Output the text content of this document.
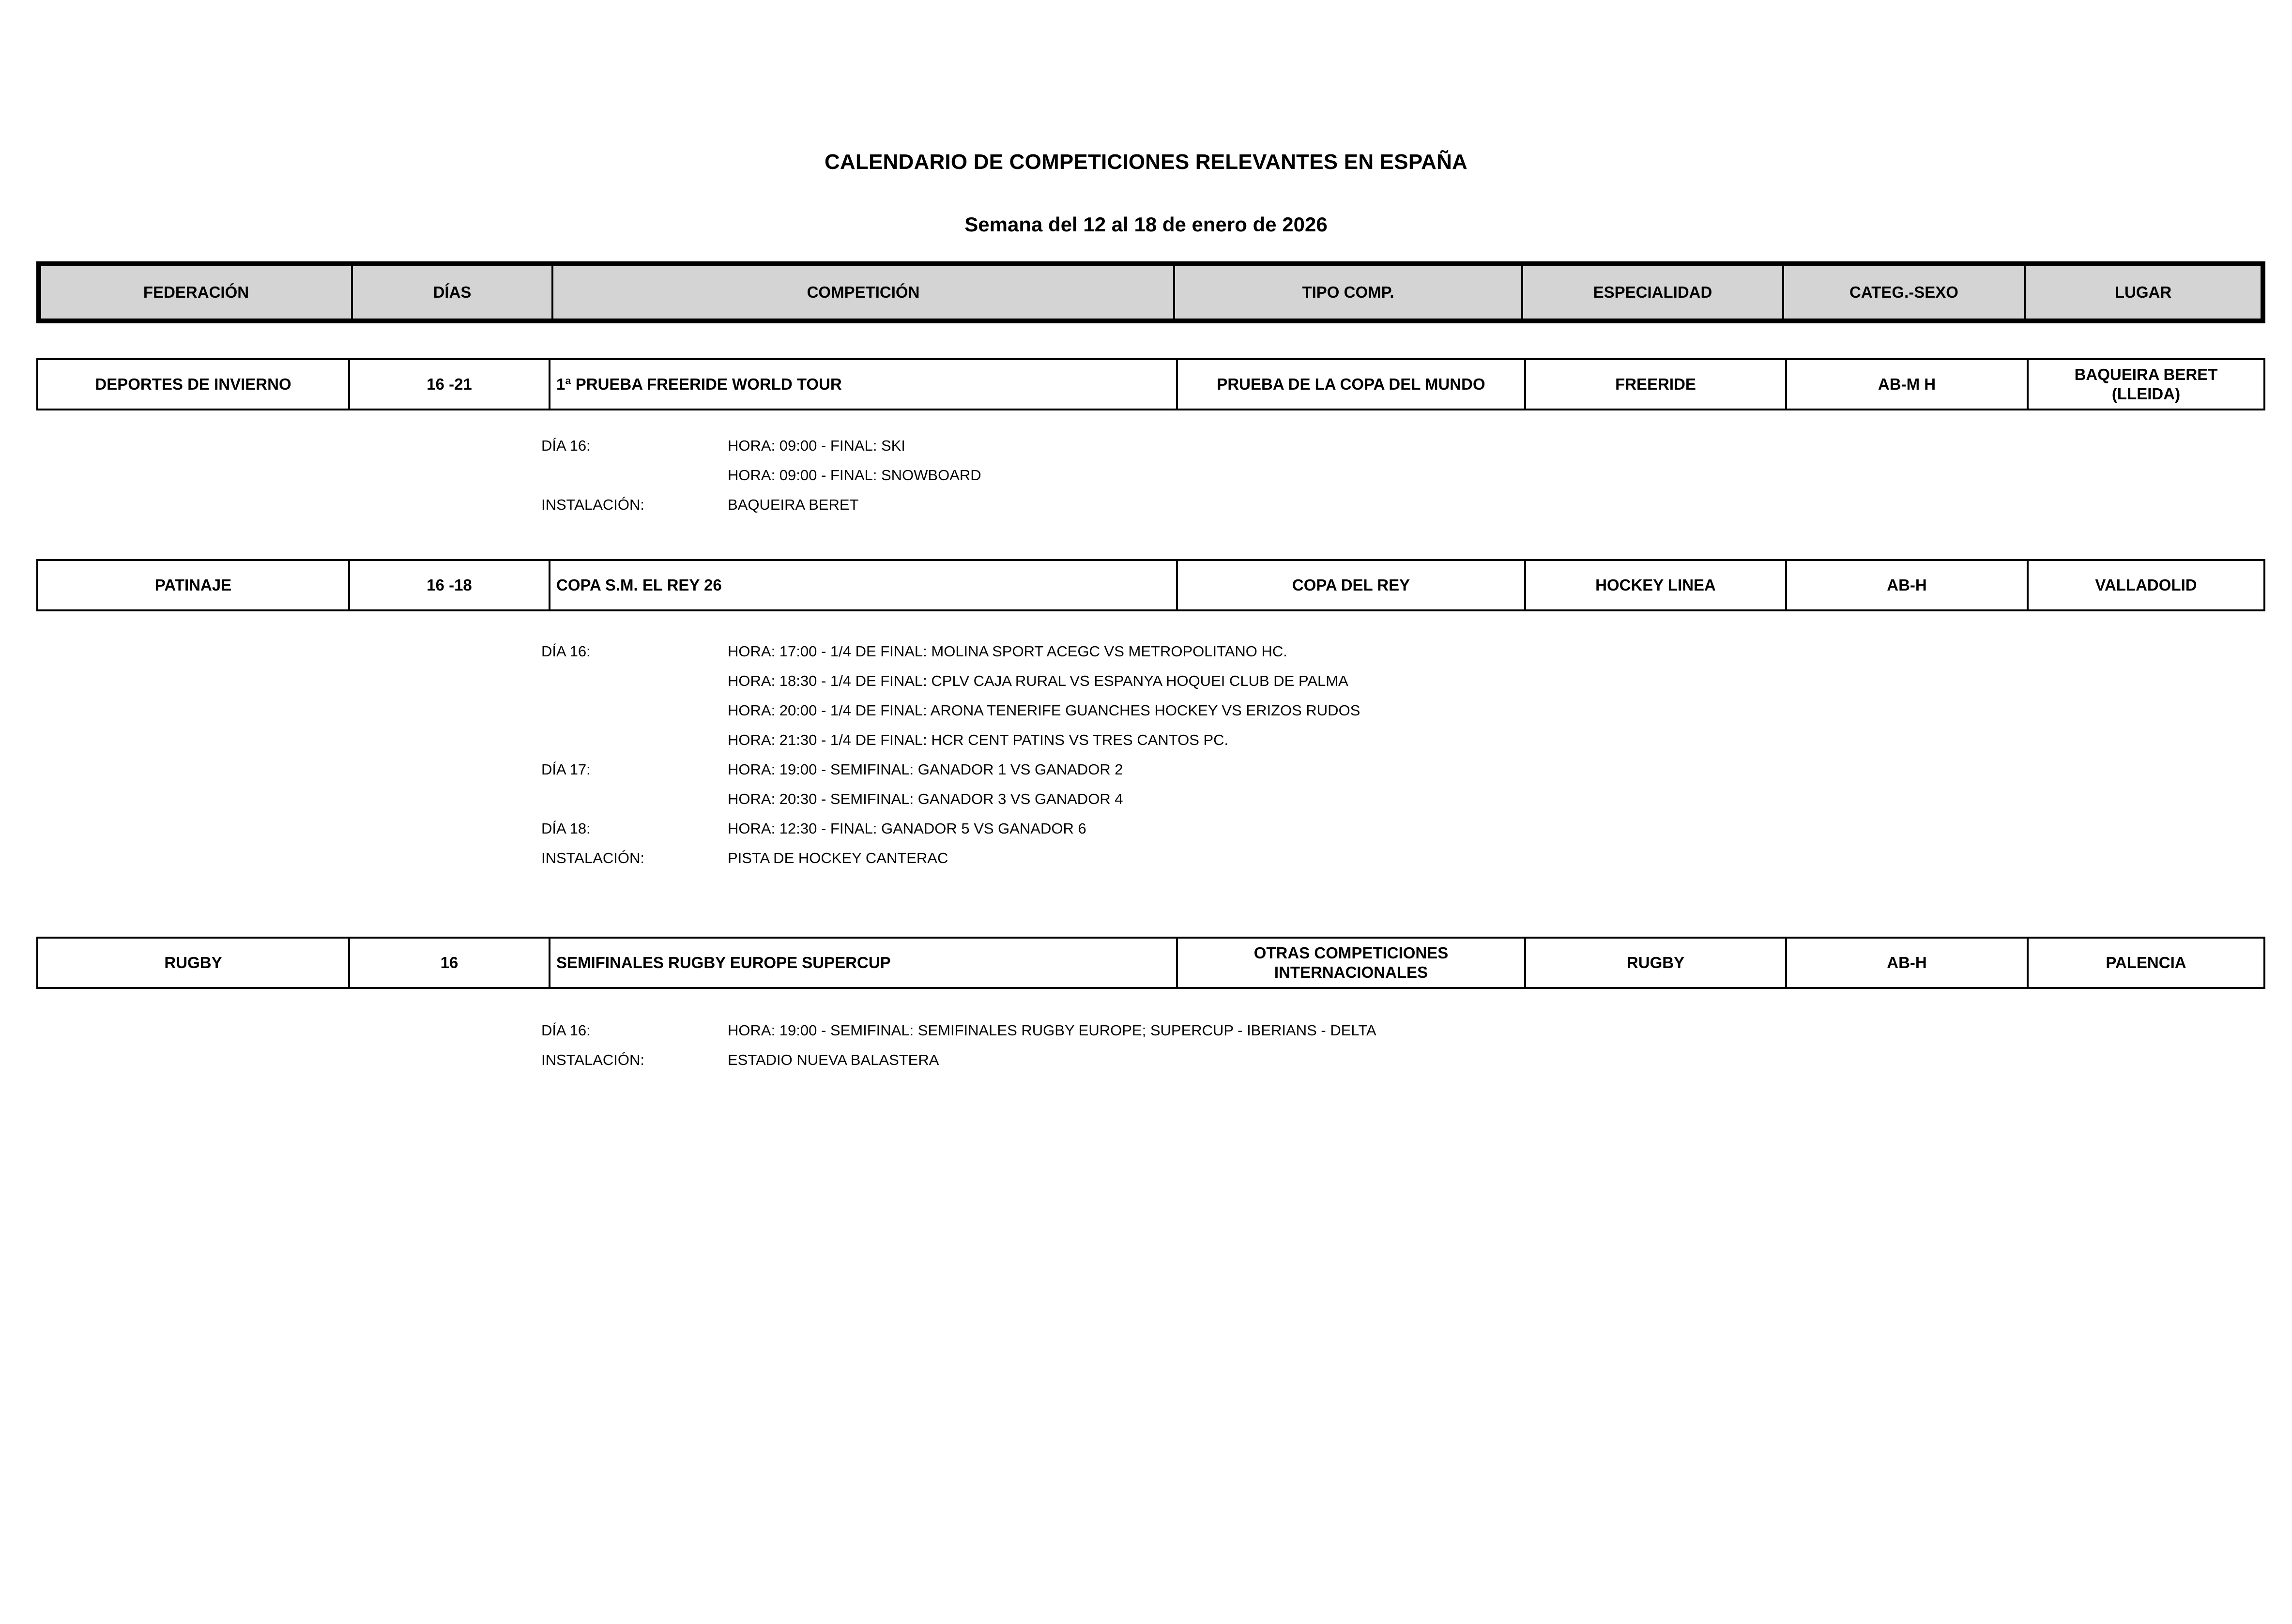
CALENDARIO DE COMPETICIONES RELEVANTES EN ESPAÑA
Semana del 12 al 18 de enero de 2026
FEDERACIÓN	DÍAS	COMPETICIÓN	TIPO COMP.	ESPECIALIDAD	CATEG.-SEXO	LUGAR
DEPORTES DE INVIERNO	16 -21	1ª PRUEBA FREERIDE WORLD TOUR	PRUEBA DE LA COPA DEL MUNDO	FREERIDE	AB-M H	BAQUEIRA BERET
(LLEIDA)
DÍA 16:	HORA: 09:00 - FINAL: SKI
HORA: 09:00 - FINAL: SNOWBOARD
INSTALACIÓN:	BAQUEIRA BERET
PATINAJE	16 -18	COPA S.M. EL REY 26	COPA DEL REY	HOCKEY LINEA	AB-H	VALLADOLID
DÍA 16:	HORA: 17:00 - 1/4 DE FINAL: MOLINA SPORT ACEGC VS METROPOLITANO HC.
HORA: 18:30 - 1/4 DE FINAL: CPLV CAJA RURAL VS ESPANYA HOQUEI CLUB DE PALMA
HORA: 20:00 - 1/4 DE FINAL: ARONA TENERIFE GUANCHES HOCKEY VS ERIZOS RUDOS
HORA: 21:30 - 1/4 DE FINAL: HCR CENT PATINS VS TRES CANTOS PC.
DÍA 17:	HORA: 19:00 - SEMIFINAL: GANADOR 1 VS GANADOR 2
HORA: 20:30 - SEMIFINAL: GANADOR 3 VS GANADOR 4
DÍA 18:	HORA: 12:30 - FINAL: GANADOR 5 VS GANADOR 6
INSTALACIÓN:	PISTA DE HOCKEY CANTERAC
RUGBY	16	SEMIFINALES RUGBY EUROPE SUPERCUP	OTRAS COMPETICIONES
INTERNACIONALES	RUGBY	AB-H	PALENCIA
DÍA 16:	HORA: 19:00 - SEMIFINAL: SEMIFINALES RUGBY EUROPE; SUPERCUP - IBERIANS - DELTA
INSTALACIÓN:	ESTADIO NUEVA BALASTERA
